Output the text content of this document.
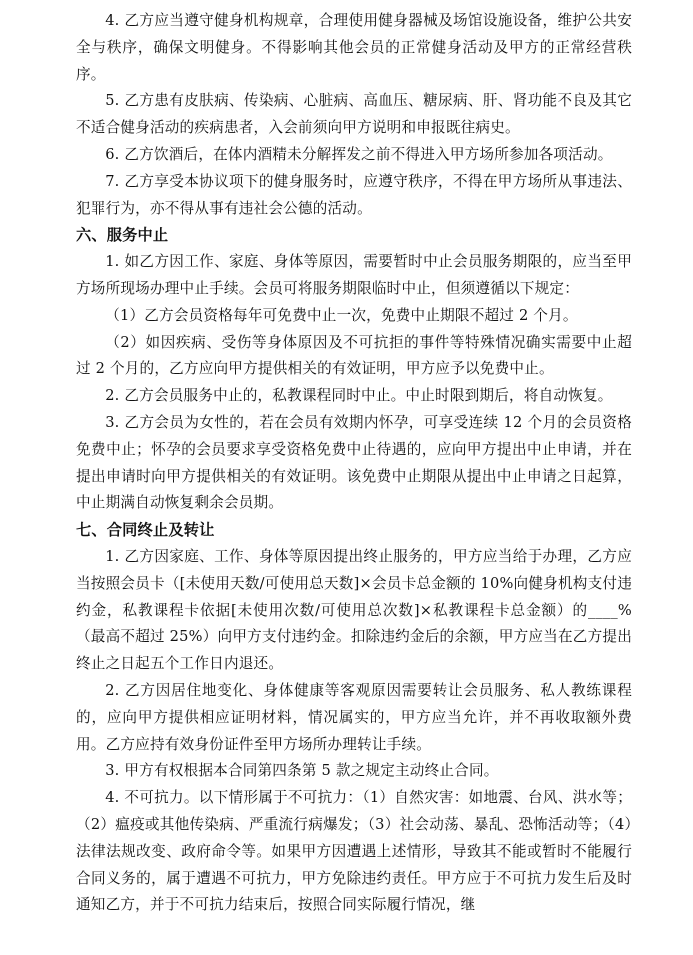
4. 乙方应当遵守健身机构规章，合理使用健身器械及场馆设施设备，维护公共安全与秩序，确保文明健身。不得影响其他会员的正常健身活动及甲方的正常经营秩序。

5. 乙方患有皮肤病、传染病、心脏病、高血压、糖尿病、肝、肾功能不良及其它不适合健身活动的疾病患者，入会前须向甲方说明和申报既往病史。

6. 乙方饮酒后，在体内酒精未分解挥发之前不得进入甲方场所参加各项活动。

7. 乙方享受本协议项下的健身服务时，应遵守秩序，不得在甲方场所从事违法、犯罪行为，亦不得从事有违社会公德的活动。

六、服务中止

1. 如乙方因工作、家庭、身体等原因，需要暂时中止会员服务期限的，应当至甲方场所现场办理中止手续。会员可将服务期限临时中止，但须遵循以下规定：

（1）乙方会员资格每年可免费中止一次，免费中止期限不超过 2 个月。

（2）如因疾病、受伤等身体原因及不可抗拒的事件等特殊情况确实需要中止超过 2 个月的，乙方应向甲方提供相关的有效证明，甲方应予以免费中止。

2. 乙方会员服务中止的，私教课程同时中止。中止时限到期后，将自动恢复。

3. 乙方会员为女性的，若在会员有效期内怀孕，可享受连续 12 个月的会员资格免费中止；怀孕的会员要求享受资格免费中止待遇的，应向甲方提出中止申请，并在提出申请时向甲方提供相关的有效证明。该免费中止期限从提出中止申请之日起算，中止期满自动恢复剩余会员期。

七、合同终止及转让

1. 乙方因家庭、工作、身体等原因提出终止服务的，甲方应当给于办理，乙方应当按照会员卡（[未使用天数/可使用总天数]×会员卡总金额的 10%向健身机构支付违约金，私教课程卡依据[未使用次数/可使用总次数]×私教课程卡总金额）的____%（最高不超过 25%）向甲方支付违约金。扣除违约金后的余额，甲方应当在乙方提出终止之日起五个工作日内退还。

2. 乙方因居住地变化、身体健康等客观原因需要转让会员服务、私人教练课程的，应向甲方提供相应证明材料，情况属实的，甲方应当允许，并不再收取额外费用。乙方应持有效身份证件至甲方场所办理转让手续。

3. 甲方有权根据本合同第四条第 5 款之规定主动终止合同。

4. 不可抗力。以下情形属于不可抗力：（1）自然灾害：如地震、台风、洪水等；（2）瘟疫或其他传染病、严重流行病爆发；（3）社会动荡、暴乱、恐怖活动等；（4）法律法规改变、政府命令等。如果甲方因遭遇上述情形，导致其不能或暂时不能履行合同义务的，属于遭遇不可抗力，甲方免除违约责任。甲方应于不可抗力发生后及时通知乙方，并于不可抗力结束后，按照合同实际履行情况，继
